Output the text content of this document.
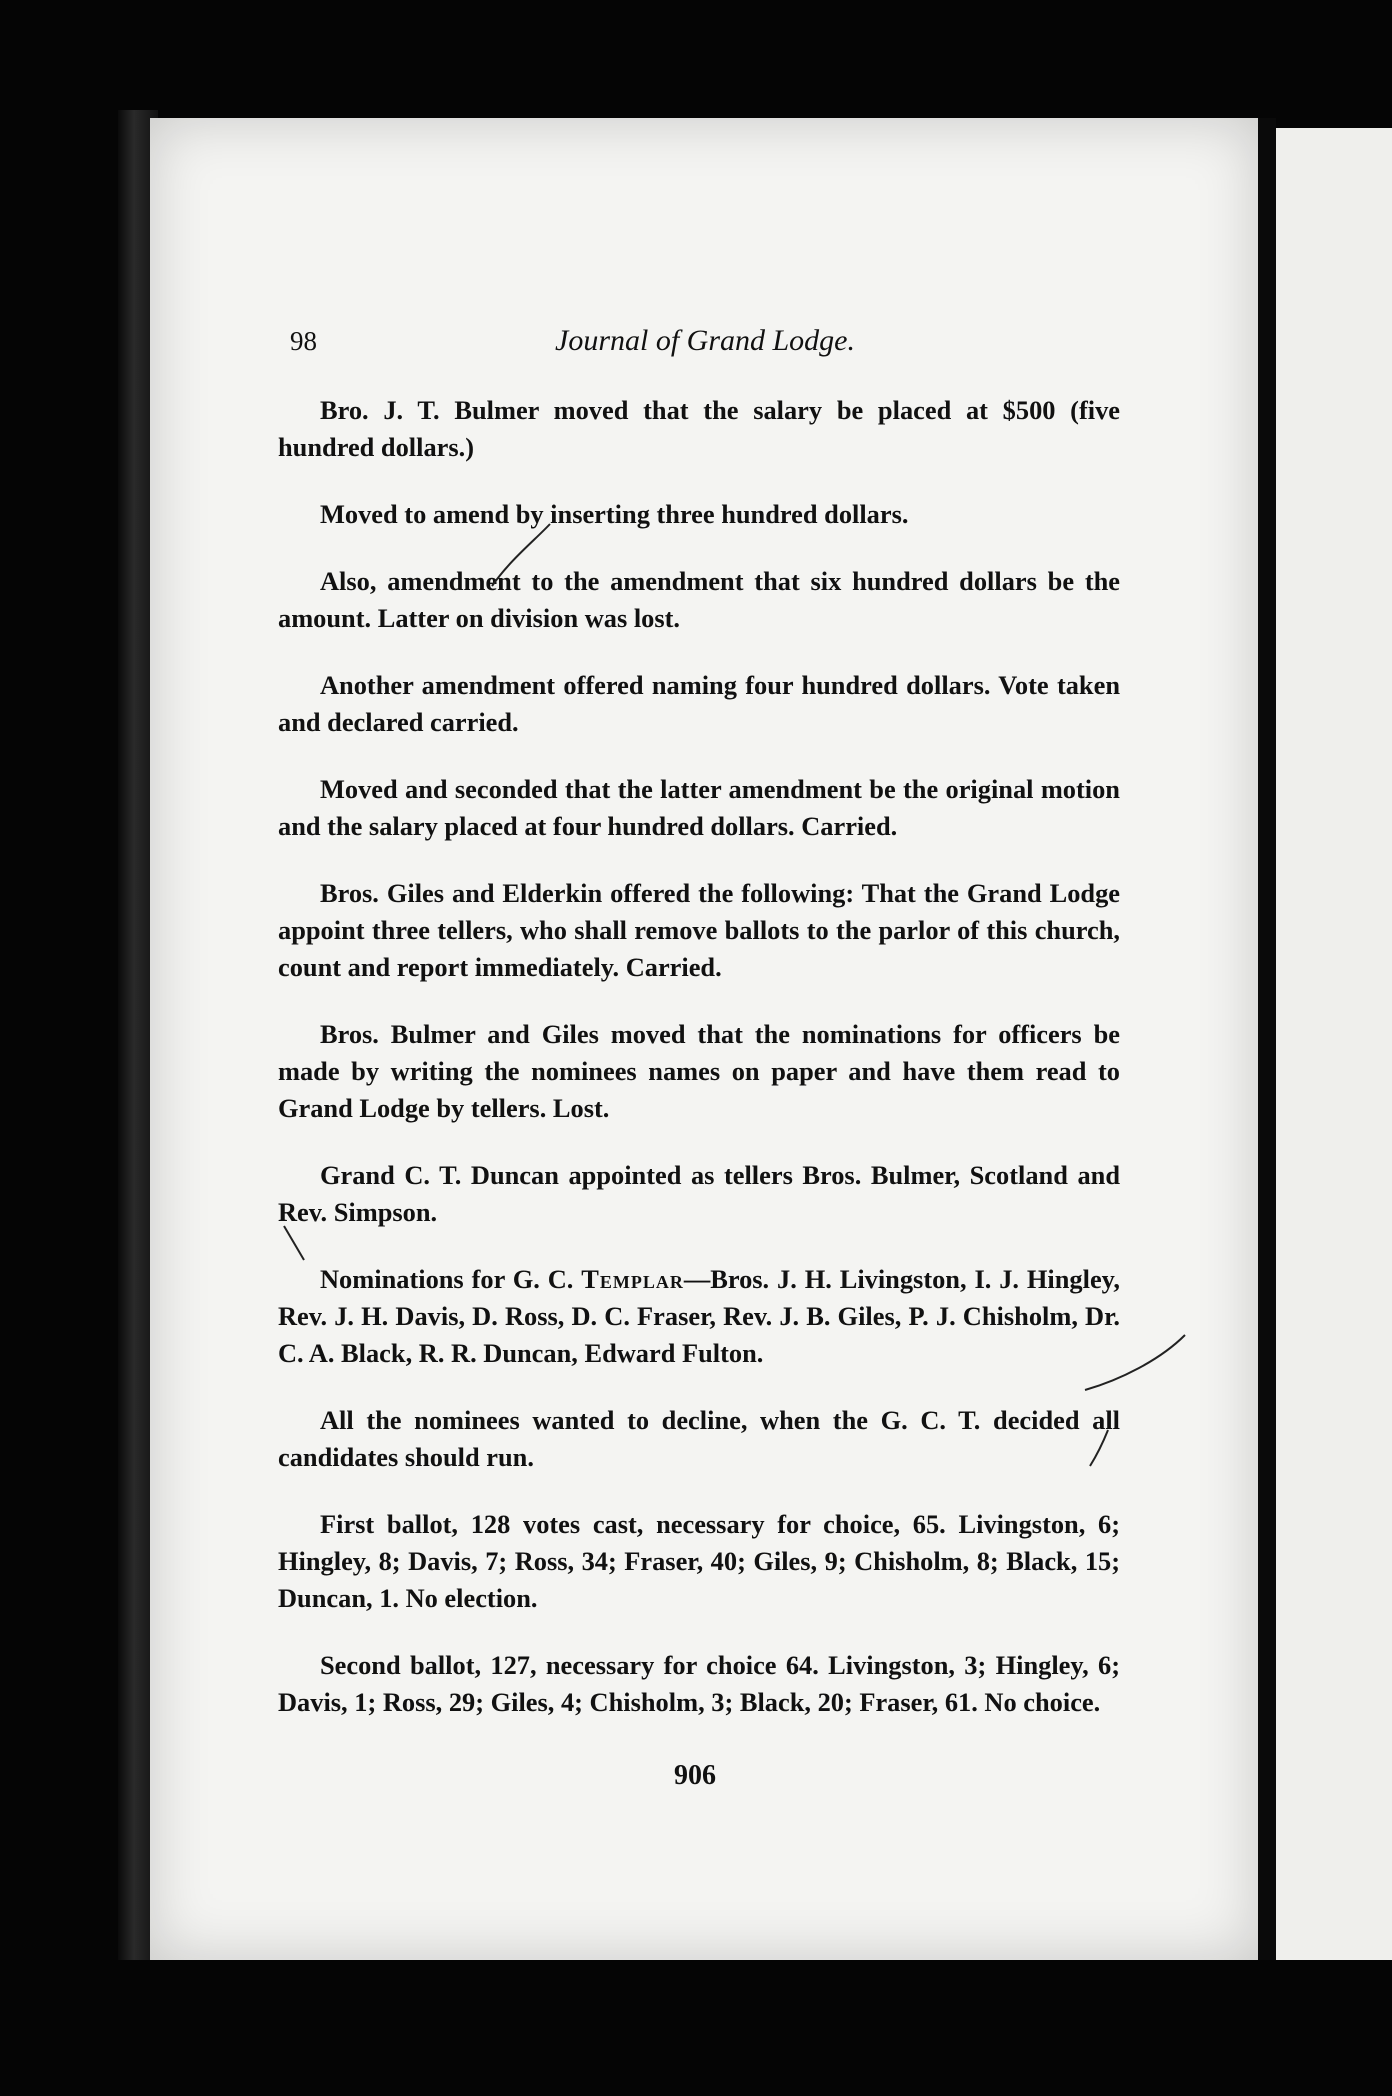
98	Journal of Grand Lodge.

Bro. J. T. Bulmer moved that the salary be placed at $500 (five hundred dollars.)

Moved to amend by inserting three hundred dollars.

Also, amendment to the amendment that six hundred dollars be the amount. Latter on division was lost.

Another amendment offered naming four hundred dollars. Vote taken and declared carried.

Moved and seconded that the latter amendment be the original motion and the salary placed at four hundred dollars. Carried.

Bros. Giles and Elderkin offered the following: That the Grand Lodge appoint three tellers, who shall remove ballots to the parlor of this church, count and report immediately. Carried.

Bros. Bulmer and Giles moved that the nominations for officers be made by writing the nominees names on paper and have them read to Grand Lodge by tellers. Lost.

Grand C. T. Duncan appointed as tellers Bros. Bulmer, Scotland and Rev. Simpson.

Nominations for G. C. Templar—Bros. J. H. Livingston, I. J. Hingley, Rev. J. H. Davis, D. Ross, D. C. Fraser, Rev. J. B. Giles, P. J. Chisholm, Dr. C. A. Black, R. R. Duncan, Edward Fulton.

All the nominees wanted to decline, when the G. C. T. decided all candidates should run.

First ballot, 128 votes cast, necessary for choice, 65. Livingston, 6; Hingley, 8; Davis, 7; Ross, 34; Fraser, 40; Giles, 9; Chisholm, 8; Black, 15; Duncan, 1. No election.

Second ballot, 127, necessary for choice 64. Livingston, 3; Hingley, 6; Davis, 1; Ross, 29; Giles, 4; Chisholm, 3; Black, 20; Fraser, 61. No choice.

906
